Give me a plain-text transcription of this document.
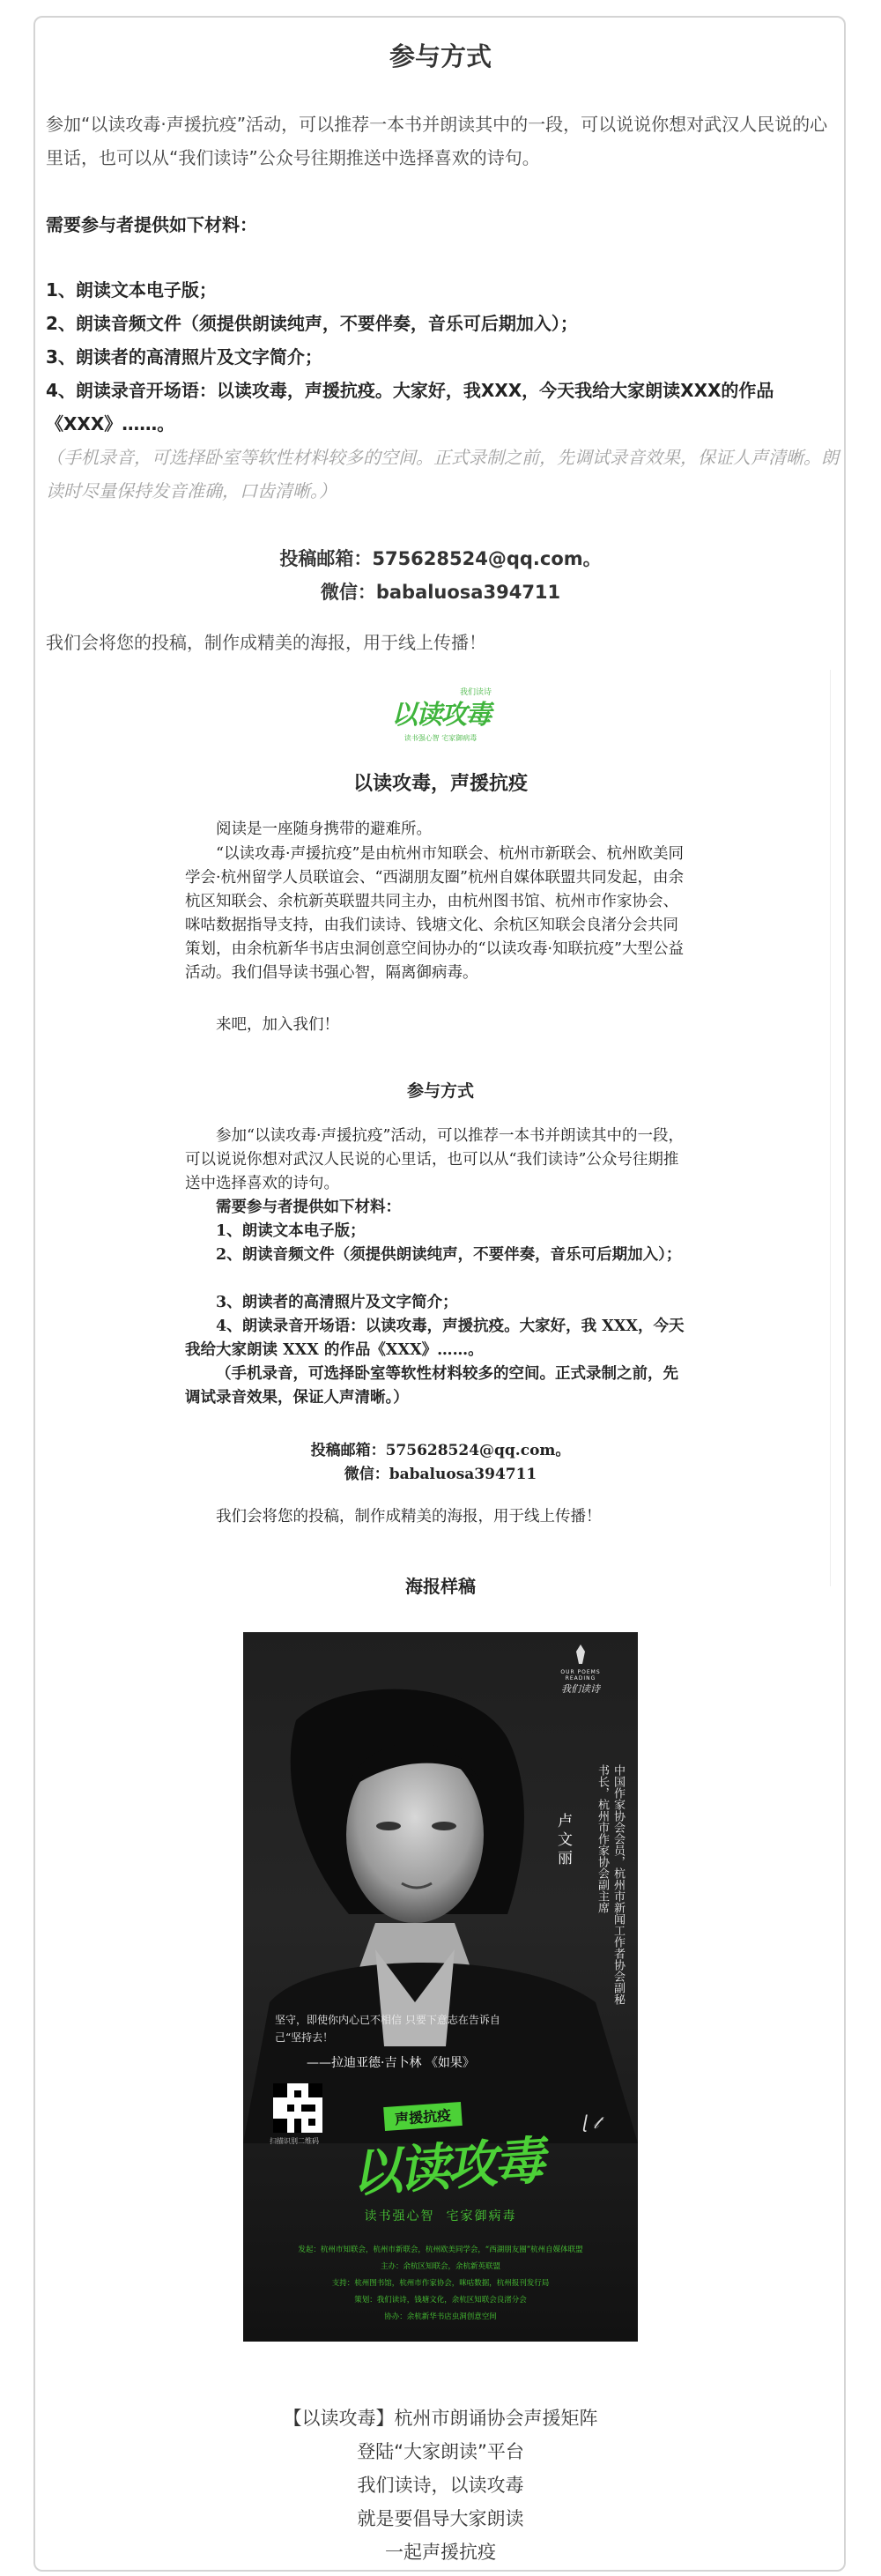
参与方式
参加“以读攻毒·声援抗疫”活动，可以推荐一本书并朗读其中的一段，可以说说你想对武汉人民说的心里话，也可以从“我们读诗”公众号往期推送中选择喜欢的诗句。
需要参与者提供如下材料：
1、朗读文本电子版；
2、朗读音频文件（须提供朗读纯声，不要伴奏，音乐可后期加入）；
3、朗读者的高清照片及文字简介；
4、朗读录音开场语：以读攻毒，声援抗疫。大家好，我XXX，今天我给大家朗读XXX的作品《XXX》……。
（手机录音，可选择卧室等软性材料较多的空间。正式录制之前，先调试录音效果，保证人声清晰。朗读时尽量保持发音准确，口齿清晰。）
投稿邮箱：575628524@qq.com。
微信：babaluosa394711
我们会将您的投稿，制作成精美的海报，用于线上传播！
我们读诗
以读攻毒
读书强心智 宅家御病毒
以读攻毒，声援抗疫
阅读是一座随身携带的避难所。
“以读攻毒·声援抗疫”是由杭州市知联会、杭州市新联会、杭州欧美同学会·杭州留学人员联谊会、“西湖朋友圈”杭州自媒体联盟共同发起，由余杭区知联会、余杭新英联盟共同主办，由杭州图书馆、杭州市作家协会、咪咕数据指导支持，由我们读诗、钱塘文化、余杭区知联会良渚分会共同策划，由余杭新华书店虫洞创意空间协办的“以读攻毒·知联抗疫”大型公益活动。我们倡导读书强心智，隔离御病毒。
来吧，加入我们！
参与方式
参加“以读攻毒·声援抗疫”活动，可以推荐一本书并朗读其中的一段，可以说说你想对武汉人民说的心里话，也可以从“我们读诗”公众号往期推送中选择喜欢的诗句。
需要参与者提供如下材料：
1、朗读文本电子版；
2、朗读音频文件（须提供朗读纯声，不要伴奏，音乐可后期加入）；
3、朗读者的高清照片及文字简介；
4、朗读录音开场语：以读攻毒，声援抗疫。大家好，我 XXX，今天我给大家朗读 XXX 的作品《XXX》……。
（手机录音，可选择卧室等软性材料较多的空间。正式录制之前，先调试录音效果，保证人声清晰。）
投稿邮箱：575628524@qq.com。
微信：babaluosa394711
我们会将您的投稿，制作成精美的海报，用于线上传播！
海报样稿
OUR POEMS READING
我们读诗
中国作家协会会员，杭州市新闻工作者协会副秘书长，杭州市作家协会副主席
卢文丽
坚守，即使你内心已不相信 只要下意志在告诉自己“坚持去！
——拉迪亚德·吉卜林 《如果》
扫描识别二维码
声援抗疫
以读攻毒
ɭ 𝓉
读书强心智  宅家御病毒
发起：杭州市知联会，杭州市新联会，杭州欧美同学会，“西湖朋友圈”杭州自媒体联盟
主办：余杭区知联会，余杭新英联盟
支持：杭州图书馆，杭州市作家协会，咪咕数据，杭州报刊发行局
策划：我们读诗，钱塘文化，余杭区知联会良渚分会
协办：余杭新华书店虫洞创意空间
【以读攻毒】杭州市朗诵协会声援矩阵
登陆“大家朗读”平台
我们读诗，以读攻毒
就是要倡导大家朗读
一起声援抗疫
